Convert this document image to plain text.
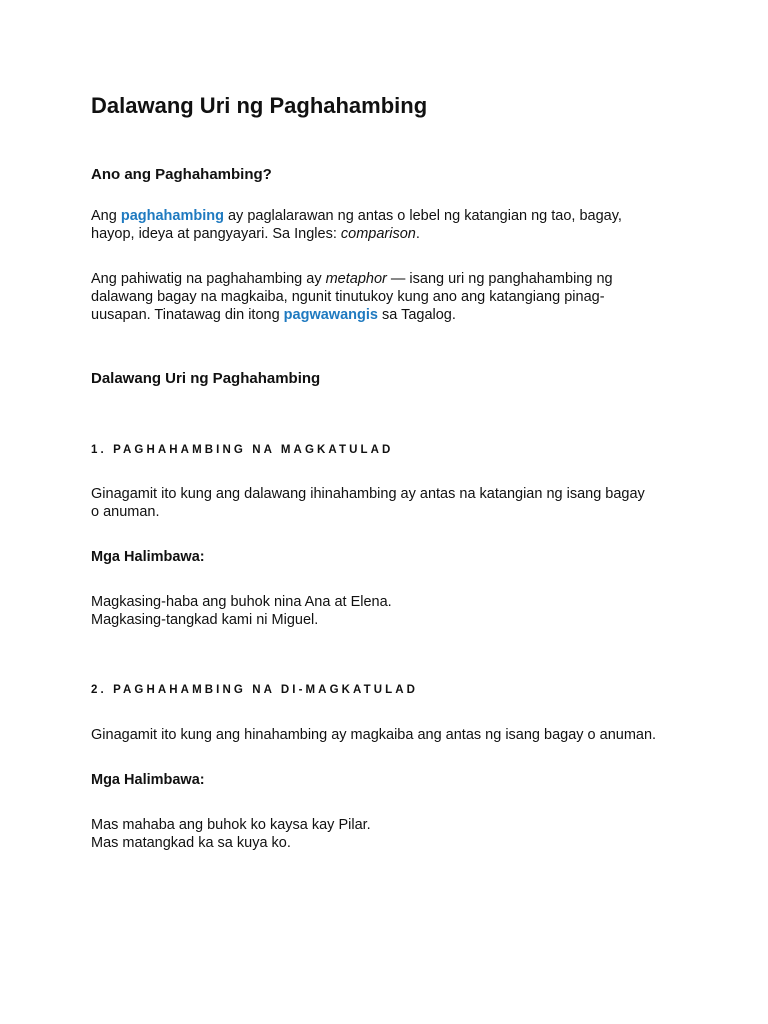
Dalawang Uri ng Paghahambing
Ano ang Paghahambing?

Ang paghahambing ay paglalarawan ng antas o lebel ng katangian ng tao, bagay,
hayop, ideya at pangyayari. Sa Ingles: comparison.

Ang pahiwatig na paghahambing ay metaphor — isang uri ng panghahambing ng
dalawang bagay na magkaiba, ngunit tinutukoy kung ano ang katangiang pinag-
uusapan. Tinatawag din itong pagwawangis sa Tagalog.

Dalawang Uri ng Paghahambing
1. PAGHAHAMBING NA MAGKATULAD

Ginagamit ito kung ang dalawang ihinahambing ay antas na katangian ng isang bagay
o anuman.

Mga Halimbawa:

Magkasing-haba ang buhok nina Ana at Elena.
Magkasing-tangkad kami ni Miguel.

2. PAGHAHAMBING NA DI-MAGKATULAD

Ginagamit ito kung ang hinahambing ay magkaiba ang antas ng isang bagay o anuman.

Mga Halimbawa:

Mas mahaba ang buhok ko kaysa kay Pilar.
Mas matangkad ka sa kuya ko.
